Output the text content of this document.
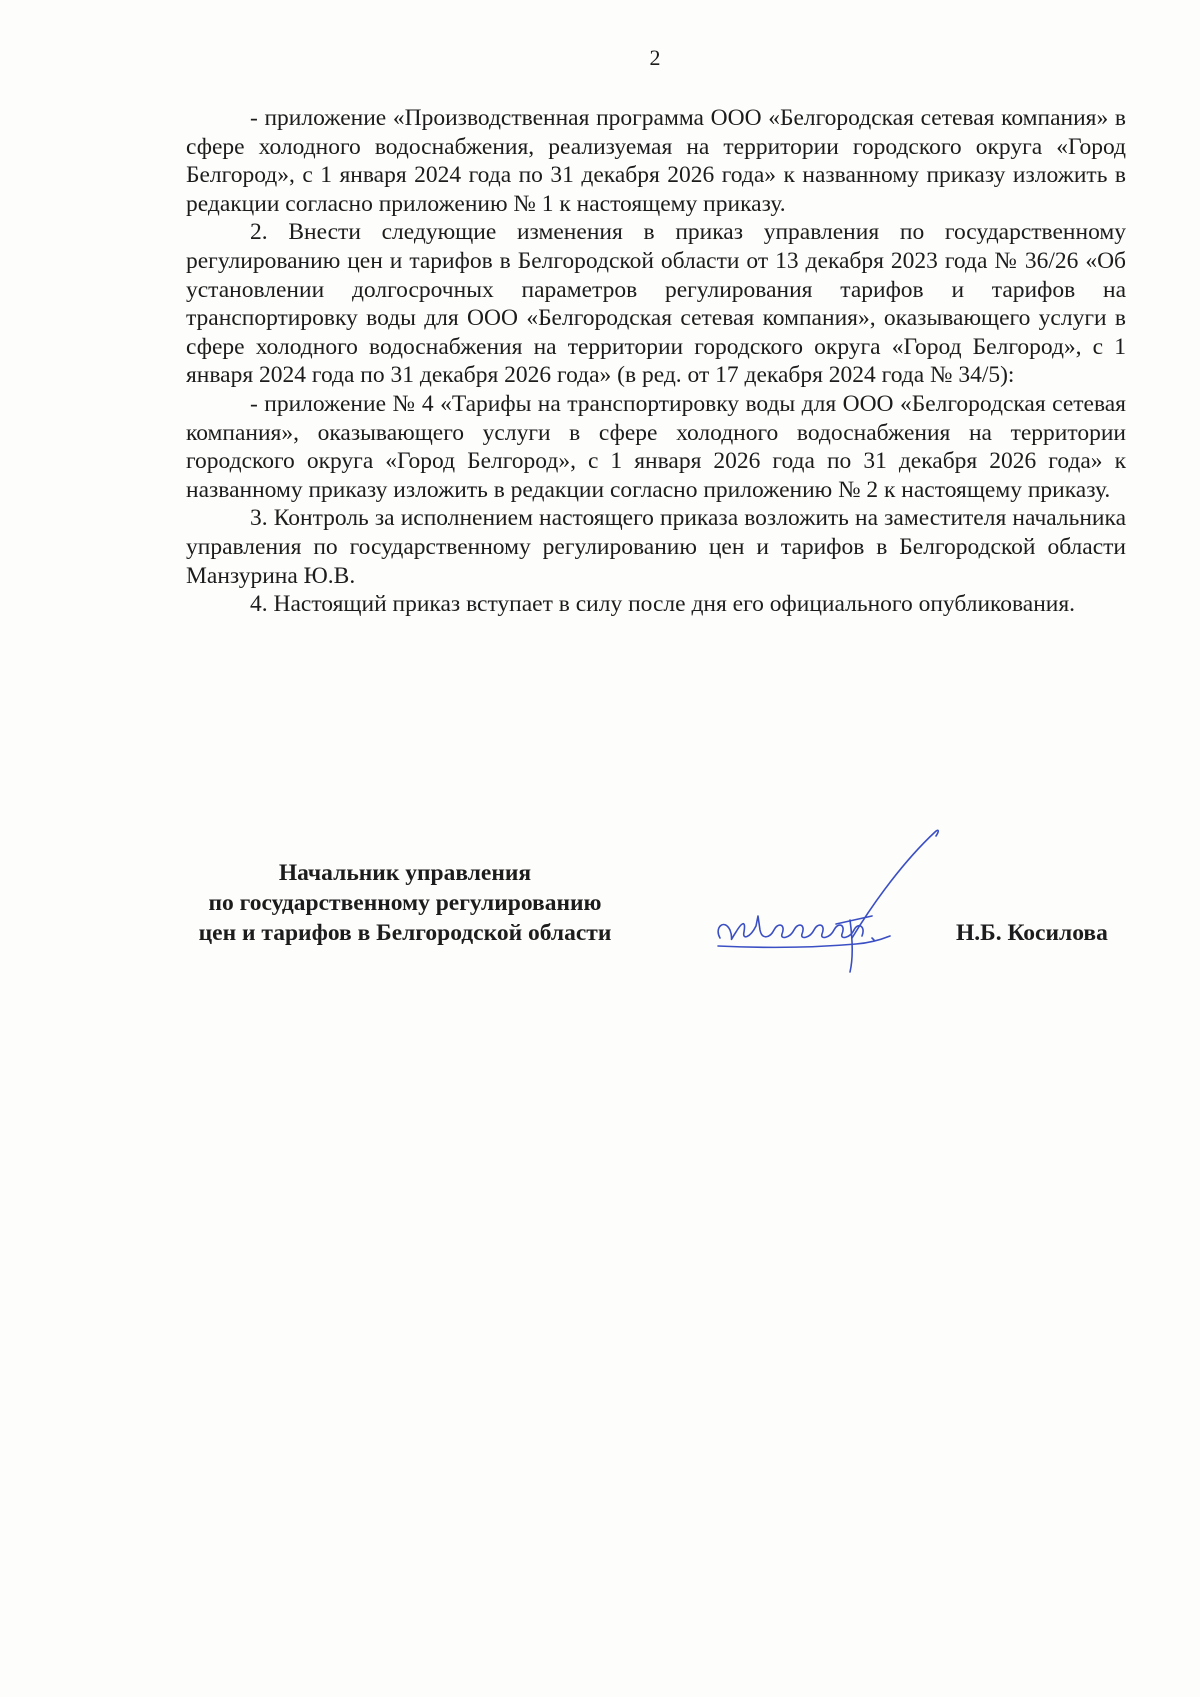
2

- приложение «Производственная программа ООО «Белгородская сетевая компания» в сфере холодного водоснабжения, реализуемая на территории городского округа «Город Белгород», с 1 января 2024 года по 31 декабря 2026 года» к названному приказу изложить в редакции согласно приложению № 1 к настоящему приказу.

2. Внести следующие изменения в приказ управления по государственному регулированию цен и тарифов в Белгородской области от 13 декабря 2023 года № 36/26 «Об установлении долгосрочных параметров регулирования тарифов и тарифов на транспортировку воды для ООО «Белгородская сетевая компания», оказывающего услуги в сфере холодного водоснабжения на территории городского округа «Город Белгород», с 1 января 2024 года по 31 декабря 2026 года» (в ред. от 17 декабря 2024 года № 34/5):

- приложение № 4 «Тарифы на транспортировку воды для ООО «Белгородская сетевая компания», оказывающего услуги в сфере холодного водоснабжения на территории городского округа «Город Белгород», с 1 января 2026 года по 31 декабря 2026 года» к названному приказу изложить в редакции согласно приложению № 2 к настоящему приказу.

3. Контроль за исполнением настоящего приказа возложить на заместителя начальника управления по государственному регулированию цен и тарифов в Белгородской области Манзурина Ю.В.

4. Настоящий приказ вступает в силу после дня его официального опубликования.

Начальник управления
по государственному регулированию
цен и тарифов в Белгородской области	Н.Б. Косилова
